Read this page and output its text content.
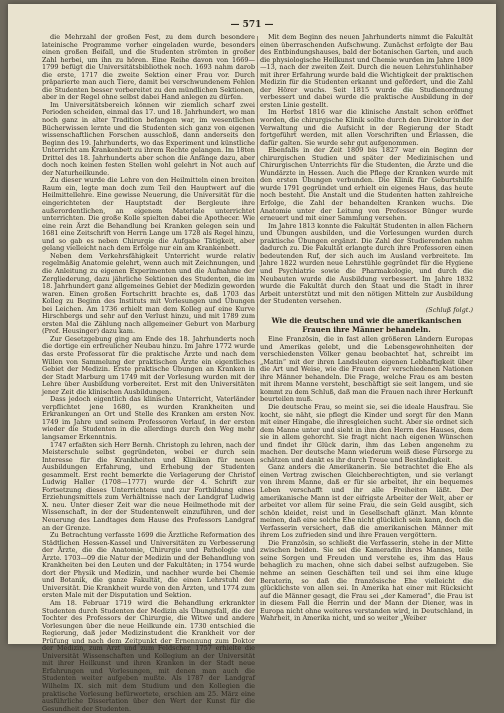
— 571 —

die Mehrzahl der großen Fest, zu dem durch besondere lateinische Programme vorher eingeladen wurde, besonders einen großen Beifall, und die Studenten strömten in großer Zahl herbei, um ihn zu hören. Eine Reihe davon von 1669—1799 befügt die Universitätsbibliothek noch. 1693 nahm darob die erste, 1717 die zweite Sektion einer Frau vor. Durch präparierte man auch Tiere, damit bei verschwundenem Fehlen die Studenten besser vorbereitet zu den mündlichen Sektionen, aber in der Regel ohne selbst dabei Hand anlegen zu dürfen.

Im Universitätsbereich können wir ziemlich scharf zwei Perioden scheiden, einmal das 17. und 18. Jahrhundert, wo man noch ganz in alter Tradition befangen war, im wesentlichen Bücherwissen lernte und die Studenten sich ganz von eigenen wissenschaftlichen Forschen ausschloß, dann anderseits den Beginn des 19. Jahrhunderts, wo das Experiment und künstliche Unterricht am Krankenbett zu ihrem Rechte gelangen. Im 18ten Drittel des 18. Jahrhunderts aber schon die Anfänge dazu, aber doch noch keinen festen Stellen wohl gelehrt in Not auch auf der Naturheilkunde.

Zu dieser wurde die Lehre von den Heilmitteln einen breiten Raum ein, legte man doch zum Teil den Hauptwert auf die Heilmittellehre. Eine gewisse Neuerung, die Universität für die eingerichteten der Hauptstadt der Bergleute ihre außerordentlichen, an eigenem Materiale unterrichtet unterrichten. Die große Kolle spielten dabei die Apothecer. Wie eine rein Ärzt die Behandlung bei Kranken gelegen sein und 1681 eine Zeitschrift von Herrn Lange um 1728 als Regel hinzu, und so gab es neben Chirurgie die Aufgabe Tätigkeit, aber gelang vielleicht nach dem Erfolge nur ein am Krankenbett.

Neben dem Verkehrsfähigkeit Unterricht wurde relativ regelmäßig Anatomie gelehrt, wenn auch mit Zeichnungen, und die Anleitung zu eigenen Experimenten und die Aufnahme der Zergliederung, dazu jährliche Sektionen des Studenten, die im 18. Jahrhundert ganz allgemeines Gebiet der Medizin geworden waren. Einen großen Fortschritt brachte es, daß 1703 das Kolleg zu Beginn des Instituts mit Vorlesungen und Übungen bei Leichen. Am 1736 erhielt man dem Kolleg auf eine Kurve Hirschbergs und sehr auf den Verlust hinzu, und mit 1789 zum ersten Mal die Zählung nach allgemeiner Geburt von Marburg (Prof. Heusinger) dazu kam.

Zur Gesetzgebung ging am Ende des 18. Jahrhunderts noch die dortige ein erfreulicher Neubau hinzu. Im Jahre 1772 wurde das erste Professorat für die praktische Ärzte und nach dem Willen von Sammelung der praktischen Ärzte ein eigentliches Gebiet der Medizin. Erste praktische Übungen an Kranken in der Stadt Marburg um 1749 mit der Vorlesung wurden mit der Lehre über Ausbildung vorbereitet. Erst mit den Universitäten jener Zeit die klinischen Ausbildungen.

Dass jedoch eigentlich das klinische Unterricht, Vaterländer verpflichtet jene 1680, es wurden Krankheiten und Erkrankungen an Ort und Stelle des Kranken am ersten Nov. 1749 im Jahre und seinem Professoren Verlauf, in der ersten wieder die Studenten in die allerdings durch den Weg mehr langsamer Erkenntnis.

1747 erfaßten sich Herr Bernh. Christoph zu lehren, nach der Meisterschule selbst gegründeten, wobei er durch sein Interesse für die Krankheiten und Kliniken für neuen Ausbildungen Erfahrung, und Erhebung der Studenten gesammelt. Erst recht bemerkte die Verlagerung der Christof Ludwig Haller (1708—1777) wurde der 4. Schrift zur Fortsetzung dieses Unterrichtens und zur Fortbildung eines Erziehungsmittels zum Verhältnisse nach der Landgraf Ludwig X. neu. Unter dieser Zeit war die neue Heilmethode mit der Wissenschaft, in der der Studentenwelt einzuführen, und der Neuerung des Landtages dem Hause des Professors Landgraf an der Grenze.

Zu Betrachtung verfasste 1699 die Ärztliche Reformation des Städtlichen Hessen-Kassel und Universitäten zu Verbesserung der Ärzte, die die Anatomie, Chirurgie und Pathologie und Ärzte. 1703—09 die Natur der Medizin und der Behandlung von Krankheiten bei den Leuten und der Fakultäten; in 1754 wurde dort der Physik und Medizin, und nachher wurde bei Chemie und Botanik, die ganze Fakultät, die einen Lehrstuhl der Universität. Die Krankheit wurde von den Ärzten, und 1774 zum ersten Male mit der Disputation und Sektion.

Am 18. Februar 1719 wird die Behandlung erkrankter Studenten durch Studenten der Medizin als Übungsfall, die der Tochter des Professors der Chirurgie, die Witwe und andere Vorlesungen über die neue Heilkunde ein. 1730 entschied die Regierung, daß jeder Medizinstudent die Krankheit vor der Prüfung und nach dem Zeitpunkt der Ernennung zum Doktor der Medizin, zum Arzt und zum Feldscher. 1757 erhielte die Universität Wissenschaften und Kollegium an der Universität mit ihrer Heilkunst und ihren Kranken in der Stadt neue Erfahrungen und Vorlesungen, mit denen man auch die Studenten weiter aufgeben mußte. Als 1787 der Landgraf Wilhelm IX. sich mit dem Studium und den Kollegien die praktische Vorlesung befürwortete, erschien am 25. März eine ausführliche Dissertation über den Wert der Kunst für die Gesundheit der Studenten.

Mit dem Beginn des neuen Jahrhunderts nimmt die Fakultät einen überraschenden Aufschwung. Zunächst erfolgte der Bau des Entbindungshauses, bald der botanischen Garten, und auch die physiologische Heilkunst und Chemie wurden im Jahre 1809—13, nach der zweiten Zeit. Durch die neuen Lehrstuhlinhaber mit ihrer Erfahrung wurde bald die Wichtigkeit der praktischen Medizin für die Studenten erkannt und gefördert, und die Zahl der Hörer wuchs. Seit 1815 wurde die Studienordnung verbessert und dabei wurde die praktische Ausbildung in der ersten Linie gestellt.

Im Herbst 1816 war die klinische Anstalt schon eröffnet worden, die chirurgische Klinik sollte durch den Direktor in der Verwaltung und die Aufsicht in der Regierung der Stadt fortgeführt werden, mit allen Vorschriften und Erlassen, die dafür galten. Sie wurde sehr gut aufgenommen.

Ebenfalls in der Zeit 1809 bis 1827 war ein Beginn der chirurgischen Studien und später der Medizinischen und Chirurgischen Unterrichts für die Studenten, die Ärzte und die Wundärzte in Hessen. Auch die Pflege der Kranken wurde mit den ersten Übungen verbunden. Die Klinik für Geburtshilfe wurde 1791 gegründet und erhielt ein eigenes Haus, das heute noch besteht. Die Anstalt und die Studenten hatten zahlreiche Erfolge, die Zahl der behandelten Kranken wuchs. Die Anatomie unter der Leitung von Professor Bünger wurde erneuert und mit einer Sammlung versehen.

Im Jahre 1813 konnte die Fakultät Studenten in allen Fächern und Übungen ausbilden, und die Vorlesungen wurden durch praktische Übungen ergänzt. Die Zahl der Studierenden nahm dadurch zu. Die Fakultät erlangte durch ihre Professoren einen bedeutenden Ruf, der sich auch im Ausland verbreitete. Im Jahre 1822 wurden neue Lehrstühle gegründet für die Hygiene und Psychiatrie sowie die Pharmakologie, und durch die Neubauten wurde die Ausbildung verbessert. Im Jahre 1832 wurde die Fakultät durch den Staat und die Stadt in ihrer Arbeit unterstützt und mit den nötigen Mitteln zur Ausbildung der Studenten versehen.

( Schluß folgt. )
Wie die deutschen und wie die amerikanischen Frauen ihre Männer behandeln.

Eine Französin, die in fast allen größeren Ländern Europas und Amerikas gelebt, und die Lebensgewohnheiten der verschiedensten Völker genau beobachtet hat, schreibt im „Matin“ mit der ihren Landsleuten eigenen Lebhaftigkeit über die Art und Weise, wie die Frauen der verschiedenen Nationen ihre Männer behandeln. Die Frage, welche Frau es am besten mit ihrem Manne versteht, beschäftigt sie seit langem, und sie kommt zu dem Schluß, daß man die Frauen nach ihrer Herkunft beurteilen muß.

Die deutsche Frau, so meint sie, sei die ideale Hausfrau. Sie kocht, sie näht, sie pflegt die Kinder und sorgt für den Mann mit einer Hingabe, die ihresgleichen sucht. Aber sie ordnet sich dem Manne unter und sieht in ihm den Herrn des Hauses, dem sie in allem gehorcht. Sie fragt nicht nach eigenen Wünschen und findet ihr Glück darin, ihm das Leben angenehm zu machen. Der deutsche Mann wiederum weiß diese Fürsorge zu schätzen und dankt es ihr durch Treue und Beständigkeit.

Ganz anders die Amerikanerin. Sie betrachtet die Ehe als einen Vertrag zwischen Gleichberechtigten, und sie verlangt von ihrem Manne, daß er für sie arbeitet, ihr ein bequemes Leben verschafft und ihr alle Freiheiten läßt. Der amerikanische Mann ist der eifrigste Arbeiter der Welt, aber er arbeitet vor allem für seine Frau, die sein Geld ausgibt, sich schön kleidet, reist und in Gesellschaft glänzt. Man könnte meinen, daß eine solche Ehe nicht glücklich sein kann, doch die Verfasserin versichert, daß die amerikanischen Männer mit ihrem Los zufrieden sind und ihre Frauen vergöttern.

Die Französin, so schließt die Verfasserin, stehe in der Mitte zwischen beiden. Sie sei die Kameradin ihres Mannes, teile seine Sorgen und Freuden und verstehe es, ihm das Haus behaglich zu machen, ohne sich dabei selbst aufzugeben. Sie nehme an seinen Geschäften teil und sei ihm eine kluge Beraterin, so daß die französische Ehe vielleicht die glücklichste von allen sei. In Amerika hat einer mit Rücksicht auf die Männer gesagt, die Frau sei „der Kamerad“, die Frau ist in diesem Fall die Herrin und der Mann der Diener, was in Europa nicht ohne weiteres verstanden wird, in Deutschland, in Wahrheit, in Amerika nicht, und so weiter „Weiber
